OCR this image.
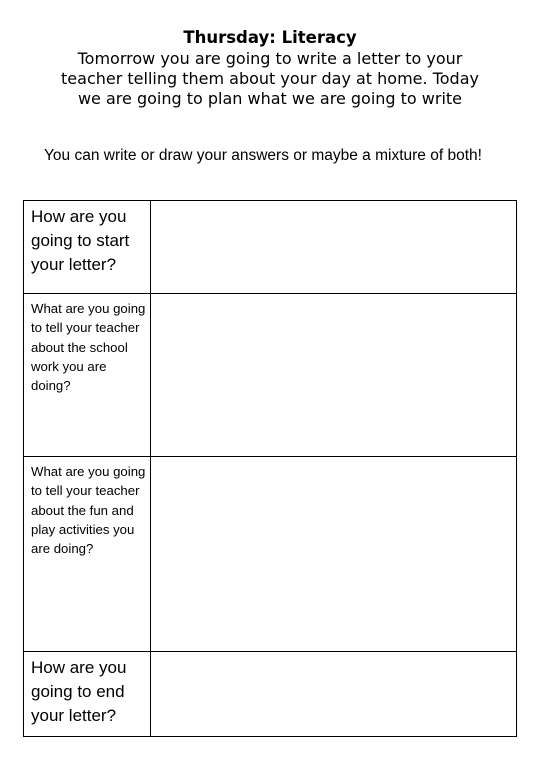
Thursday: Literacy
Tomorrow you are going to write a letter to your
teacher telling them about your day at home. Today
we are going to plan what we are going to write
You can write or draw your answers or maybe a mixture of both!
How are you going to start your letter?	

What are you going to tell your teacher about the school work you are doing?	

What are you going to tell your teacher about the fun and play activities you are doing?	

How are you going to end your letter?	
